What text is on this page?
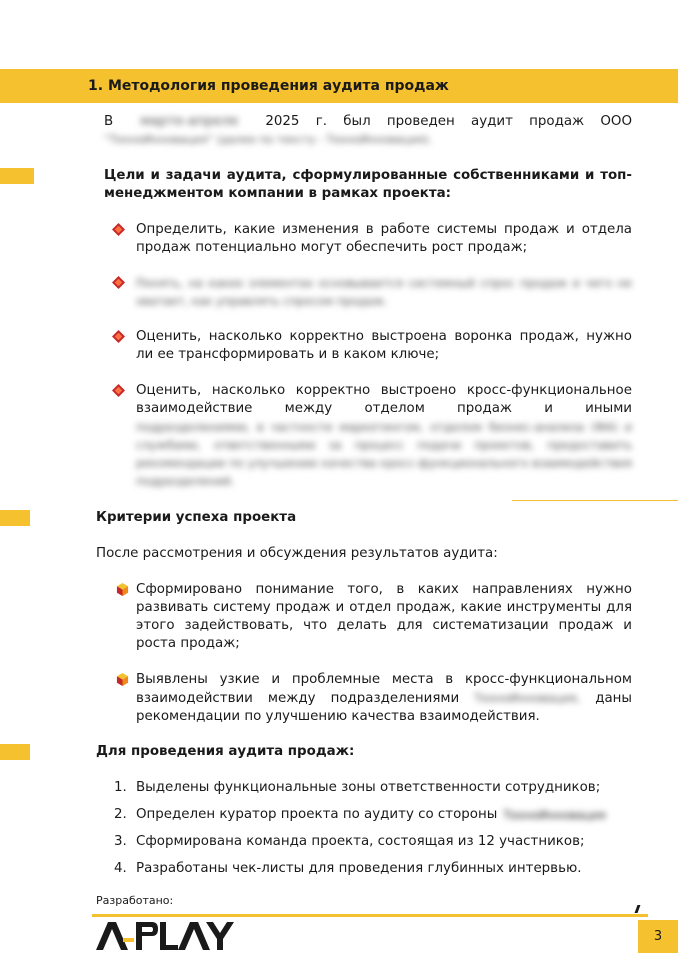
1. Методология проведения аудита продаж
В марте-апреле 2025 г. был проведен аудит продаж ООО
“ТехноИнновация” (далее по тексту - ТехноИнновация).
Цели и задачи аудита, сформулированные собственниками и топ-менеджментом компании в рамках проекта:
Определить, какие изменения в работе системы продаж и отдела продаж потенциально могут обеспечить рост продаж;
Понять, на каких элементах основывается системный спрос продаж и чего не хватает, как управлять спросом продаж.
Оценить, насколько корректно выстроена воронка продаж, нужно ли ее трансформировать и в каком ключе;
Оценить, насколько корректно выстроено кросс-функциональное взаимодействие между отделом продаж и иными
подразделениями, в частности маркетингом, отделом бизнес-анализа (ФА) и службами, ответственными за процесс подачи проектов, предоставить рекомендации по улучшению качества кросс-функционального взаимодействия подразделений.
Критерии успеха проекта
После рассмотрения и обсуждения результатов аудита:
Сформировано понимание того, в каких направлениях нужно развивать систему продаж и отдел продаж, какие инструменты для этого задействовать, что делать для систематизации продаж и роста продаж;
Выявлены узкие и проблемные места в кросс-функциональном взаимодействии между подразделениями ТехноИнновация, даны рекомендации по улучшению качества взаимодействия.
Для проведения аудита продаж:
1. Выделены функциональные зоны ответственности сотрудников;
2. Определен куратор проекта по аудиту со стороны ТехноИнновация
3. Сформирована команда проекта, состоящая из 12 участников;
4. Разработаны чек-листы для проведения глубинных интервью.
Разработано:
3
